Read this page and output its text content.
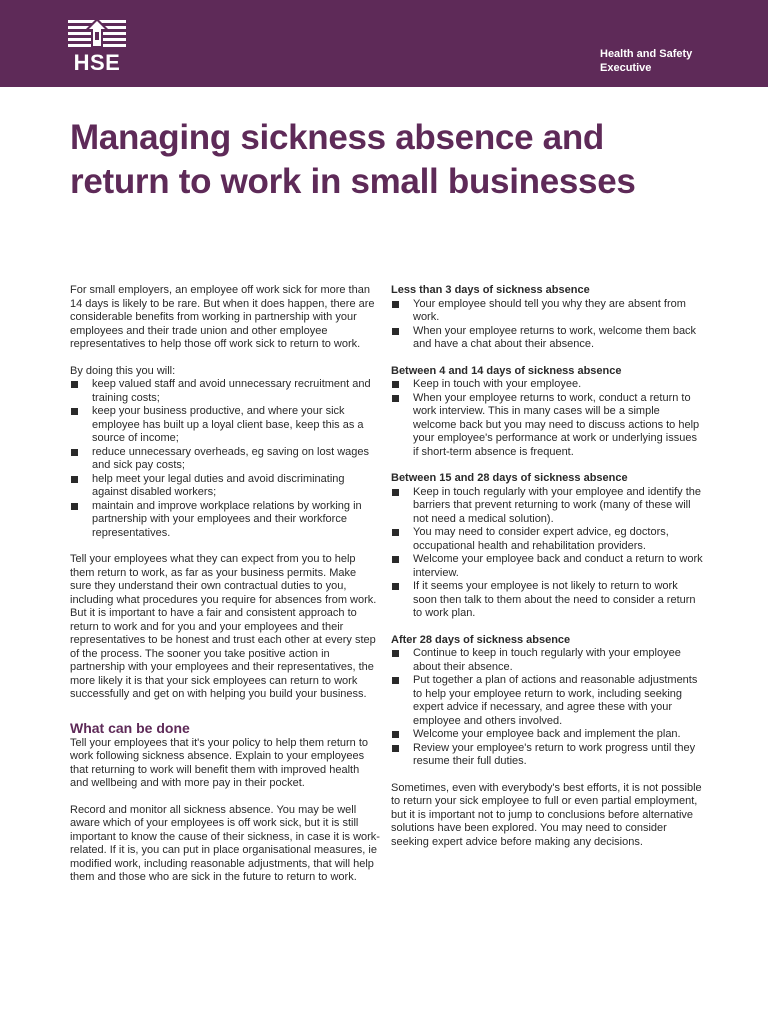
HSE	Health and Safety
Executive
Managing sickness absence and
return to work in small businesses

For small employers, an employee off work sick for more than 14 days is likely to be rare. But when it does happen, there are considerable benefits from working in partnership with your employees and their trade union and other employee representatives to help those off work sick to return to work.

By doing this you will:

keep valued staff and avoid unnecessary recruitment and training costs;
keep your business productive, and where your sick employee has built up a loyal client base, keep this as a source of income;
reduce unnecessary overheads, eg saving on lost wages and sick pay costs;
help meet your legal duties and avoid discriminating against disabled workers;
maintain and improve workplace relations by working in partnership with your employees and their workforce representatives.

Tell your employees what they can expect from you to help them return to work, as far as your business permits. Make sure they understand their own contractual duties to you, including what procedures you require for absences from work. But it is important to have a fair and consistent approach to return to work and for you and your employees and their representatives to be honest and trust each other at every step of the process. The sooner you take positive action in partnership with your employees and their representatives, the more likely it is that your sick employees can return to work successfully and get on with helping you build your business.

What can be done

Tell your employees that it's your policy to help them return to work following sickness absence. Explain to your employees that returning to work will benefit them with improved health and wellbeing and with more pay in their pocket.

Record and monitor all sickness absence. You may be well aware which of your employees is off work sick, but it is still important to know the cause of their sickness, in case it is work-related. If it is, you can put in place organisational measures, ie modified work, including reasonable adjustments, that will help them and those who are sick in the future to return to work.

Less than 3 days of sickness absence

Your employee should tell you why they are absent from work.
When your employee returns to work, welcome them back and have a chat about their absence.

Between 4 and 14 days of sickness absence

Keep in touch with your employee.
When your employee returns to work, conduct a return to work interview. This in many cases will be a simple welcome back but you may need to discuss actions to help your employee's performance at work or underlying issues if short-term absence is frequent.

Between 15 and 28 days of sickness absence

Keep in touch regularly with your employee and identify the barriers that prevent returning to work (many of these will not need a medical solution).
You may need to consider expert advice, eg doctors, occupational health and rehabilitation providers.
Welcome your employee back and conduct a return to work interview.
If it seems your employee is not likely to return to work soon then talk to them about the need to consider a return to work plan.

After 28 days of sickness absence

Continue to keep in touch regularly with your employee about their absence.
Put together a plan of actions and reasonable adjustments to help your employee return to work, including seeking expert advice if necessary, and agree these with your employee and others involved.
Welcome your employee back and implement the plan.
Review your employee's return to work progress until they resume their full duties.

Sometimes, even with everybody's best efforts, it is not possible to return your sick employee to full or even partial employment, but it is important not to jump to conclusions before alternative solutions have been explored. You may need to consider seeking expert advice before making any decisions.
